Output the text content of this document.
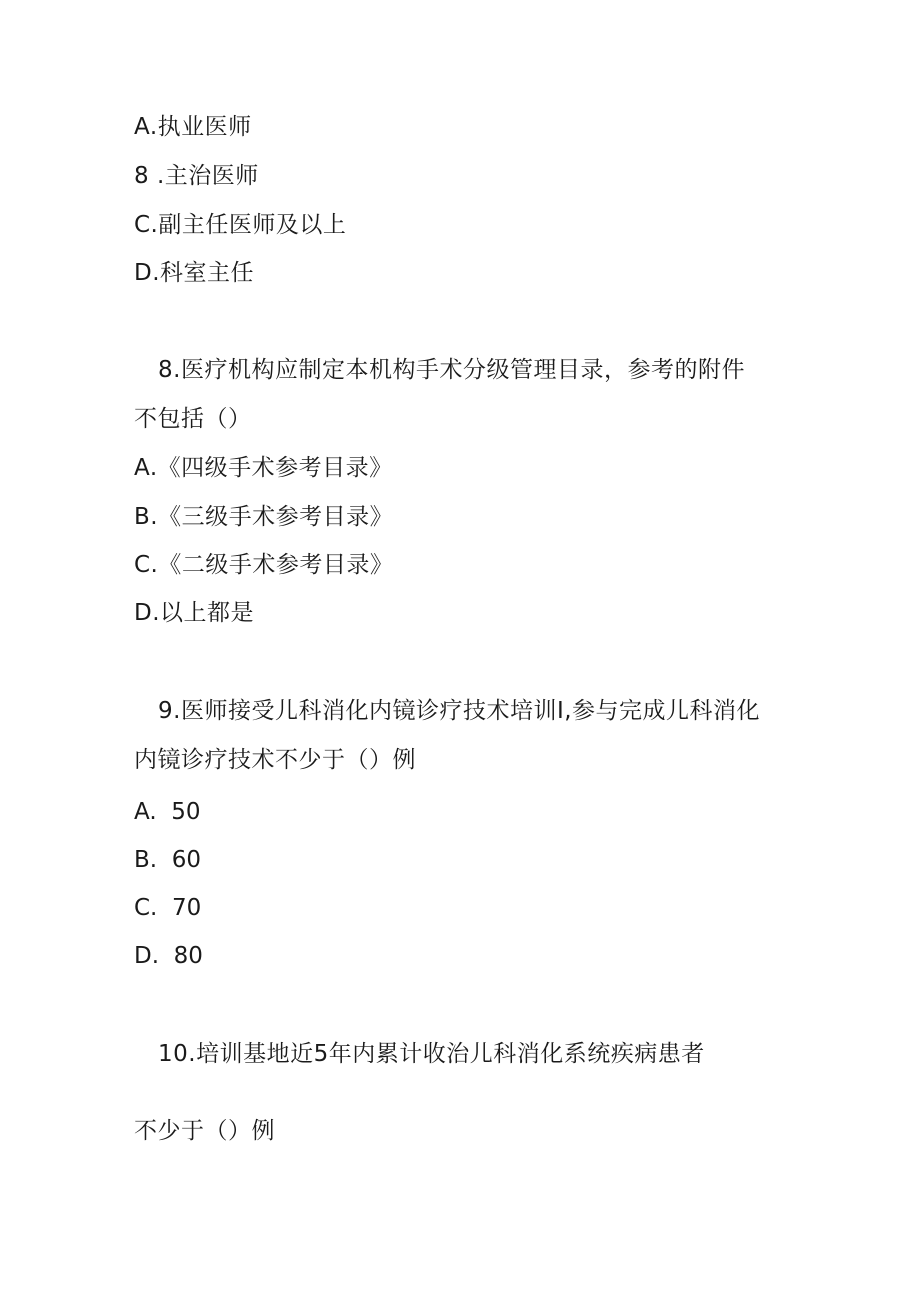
A.执业医师
8 .主治医师
C.副主任医师及以上
D.科室主任
8.医疗机构应制定本机构手术分级管理目录，参考的附件
不包括（）
A.《四级手术参考目录》
B.《三级手术参考目录》
C.《二级手术参考目录》
D.以上都是
9.医师接受儿科消化内镜诊疗技术培训I,参与完成儿科消化
内镜诊疗技术不少于（）例
A.  50
B.  60
C.  70
D.  80
10.培训基地近5年内累计收治儿科消化系统疾病患者
不少于（）例
